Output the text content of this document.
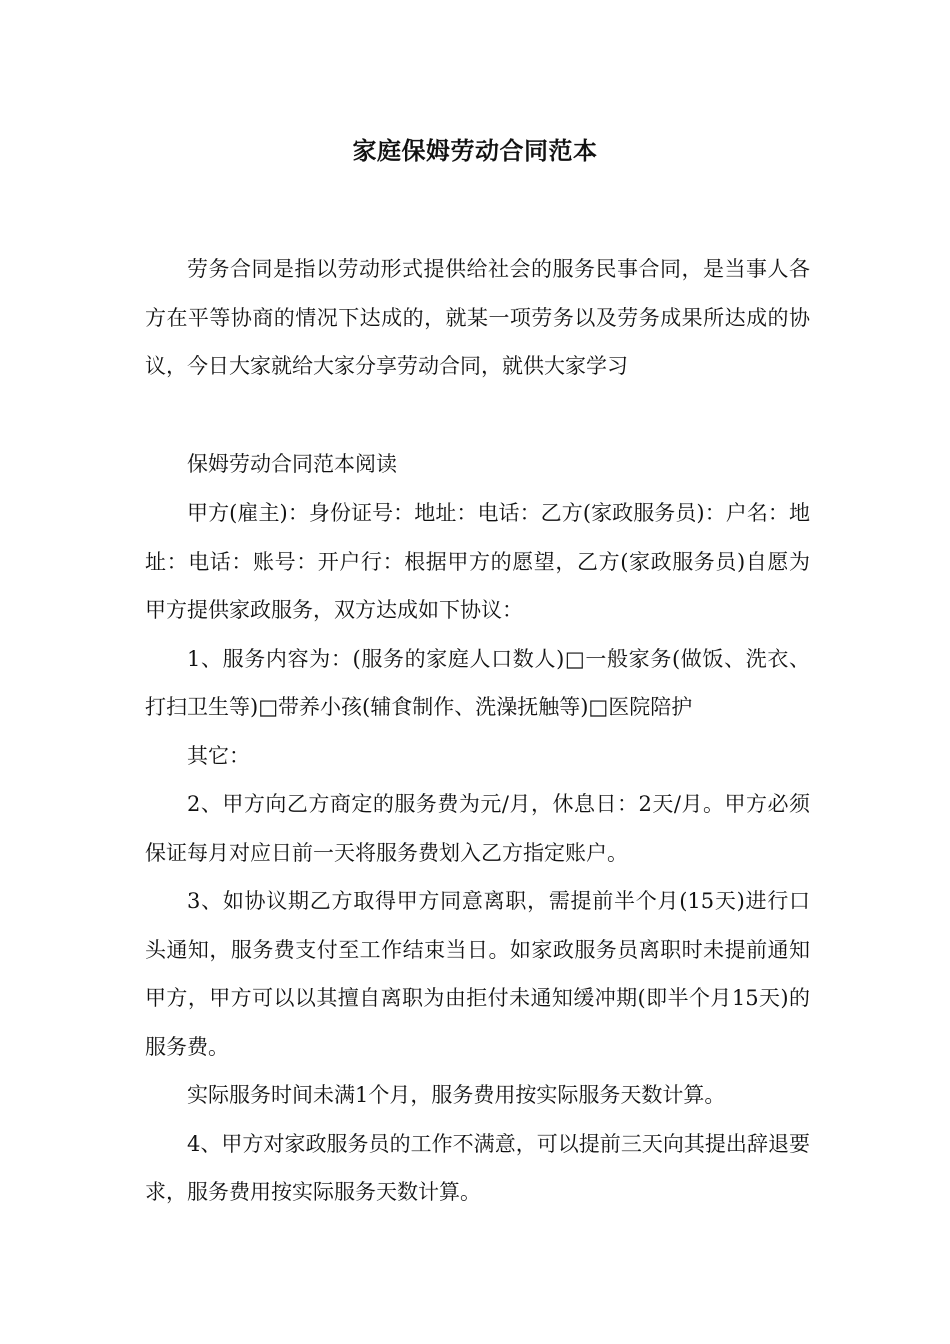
家庭保姆劳动合同范本

劳务合同是指以劳动形式提供给社会的服务民事合同，是当事人各方在平等协商的情况下达成的，就某一项劳务以及劳务成果所达成的协议，今日大家就给大家分享劳动合同，就供大家学习

保姆劳动合同范本阅读

甲方(雇主)：身份证号：地址：电话：乙方(家政服务员)：户名：地址：电话：账号：开户行：根据甲方的愿望，乙方(家政服务员)自愿为甲方提供家政服务，双方达成如下协议：

1、服务内容为：(服务的家庭人口数人)□一般家务(做饭、洗衣、打扫卫生等)□带养小孩(辅食制作、洗澡抚触等)□医院陪护

其它：

2、甲方向乙方商定的服务费为元/月，休息日：2天/月。甲方必须保证每月对应日前一天将服务费划入乙方指定账户。

3、如协议期乙方取得甲方同意离职，需提前半个月(15天)进行口头通知，服务费支付至工作结束当日。如家政服务员离职时未提前通知甲方，甲方可以以其擅自离职为由拒付未通知缓冲期(即半个月15天)的服务费。

实际服务时间未满1个月，服务费用按实际服务天数计算。

4、甲方对家政服务员的工作不满意，可以提前三天向其提出辞退要求，服务费用按实际服务天数计算。
